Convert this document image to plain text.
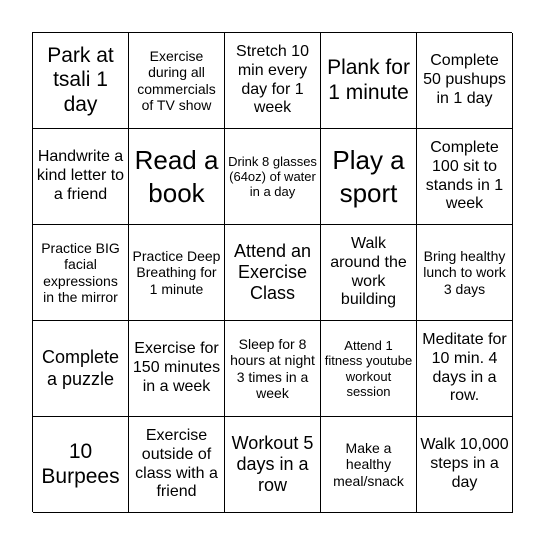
Park at tsali 1 day
Exercise during all commercials of TV show
Stretch 10 min every day for 1 week
Plank for 1 minute
Complete 50 pushups in 1 day
Handwrite a kind letter to a friend
Read a book
Drink 8 glasses (64oz) of water in a day
Play a sport
Complete 100 sit to stands in 1 week
Practice BIG facial expressions in the mirror
Practice Deep Breathing for 1 minute
Attend an Exercise Class
Walk around the work building
Bring healthy lunch to work 3 days
Complete a puzzle
Exercise for 150 minutes in a week
Sleep for 8 hours at night 3 times in a week
Attend 1 fitness youtube workout session
Meditate for 10 min. 4 days in a row.
10 Burpees
Exercise outside of class with a friend
Workout 5 days in a row
Make a healthy meal/snack
Walk 10,000 steps in a day
